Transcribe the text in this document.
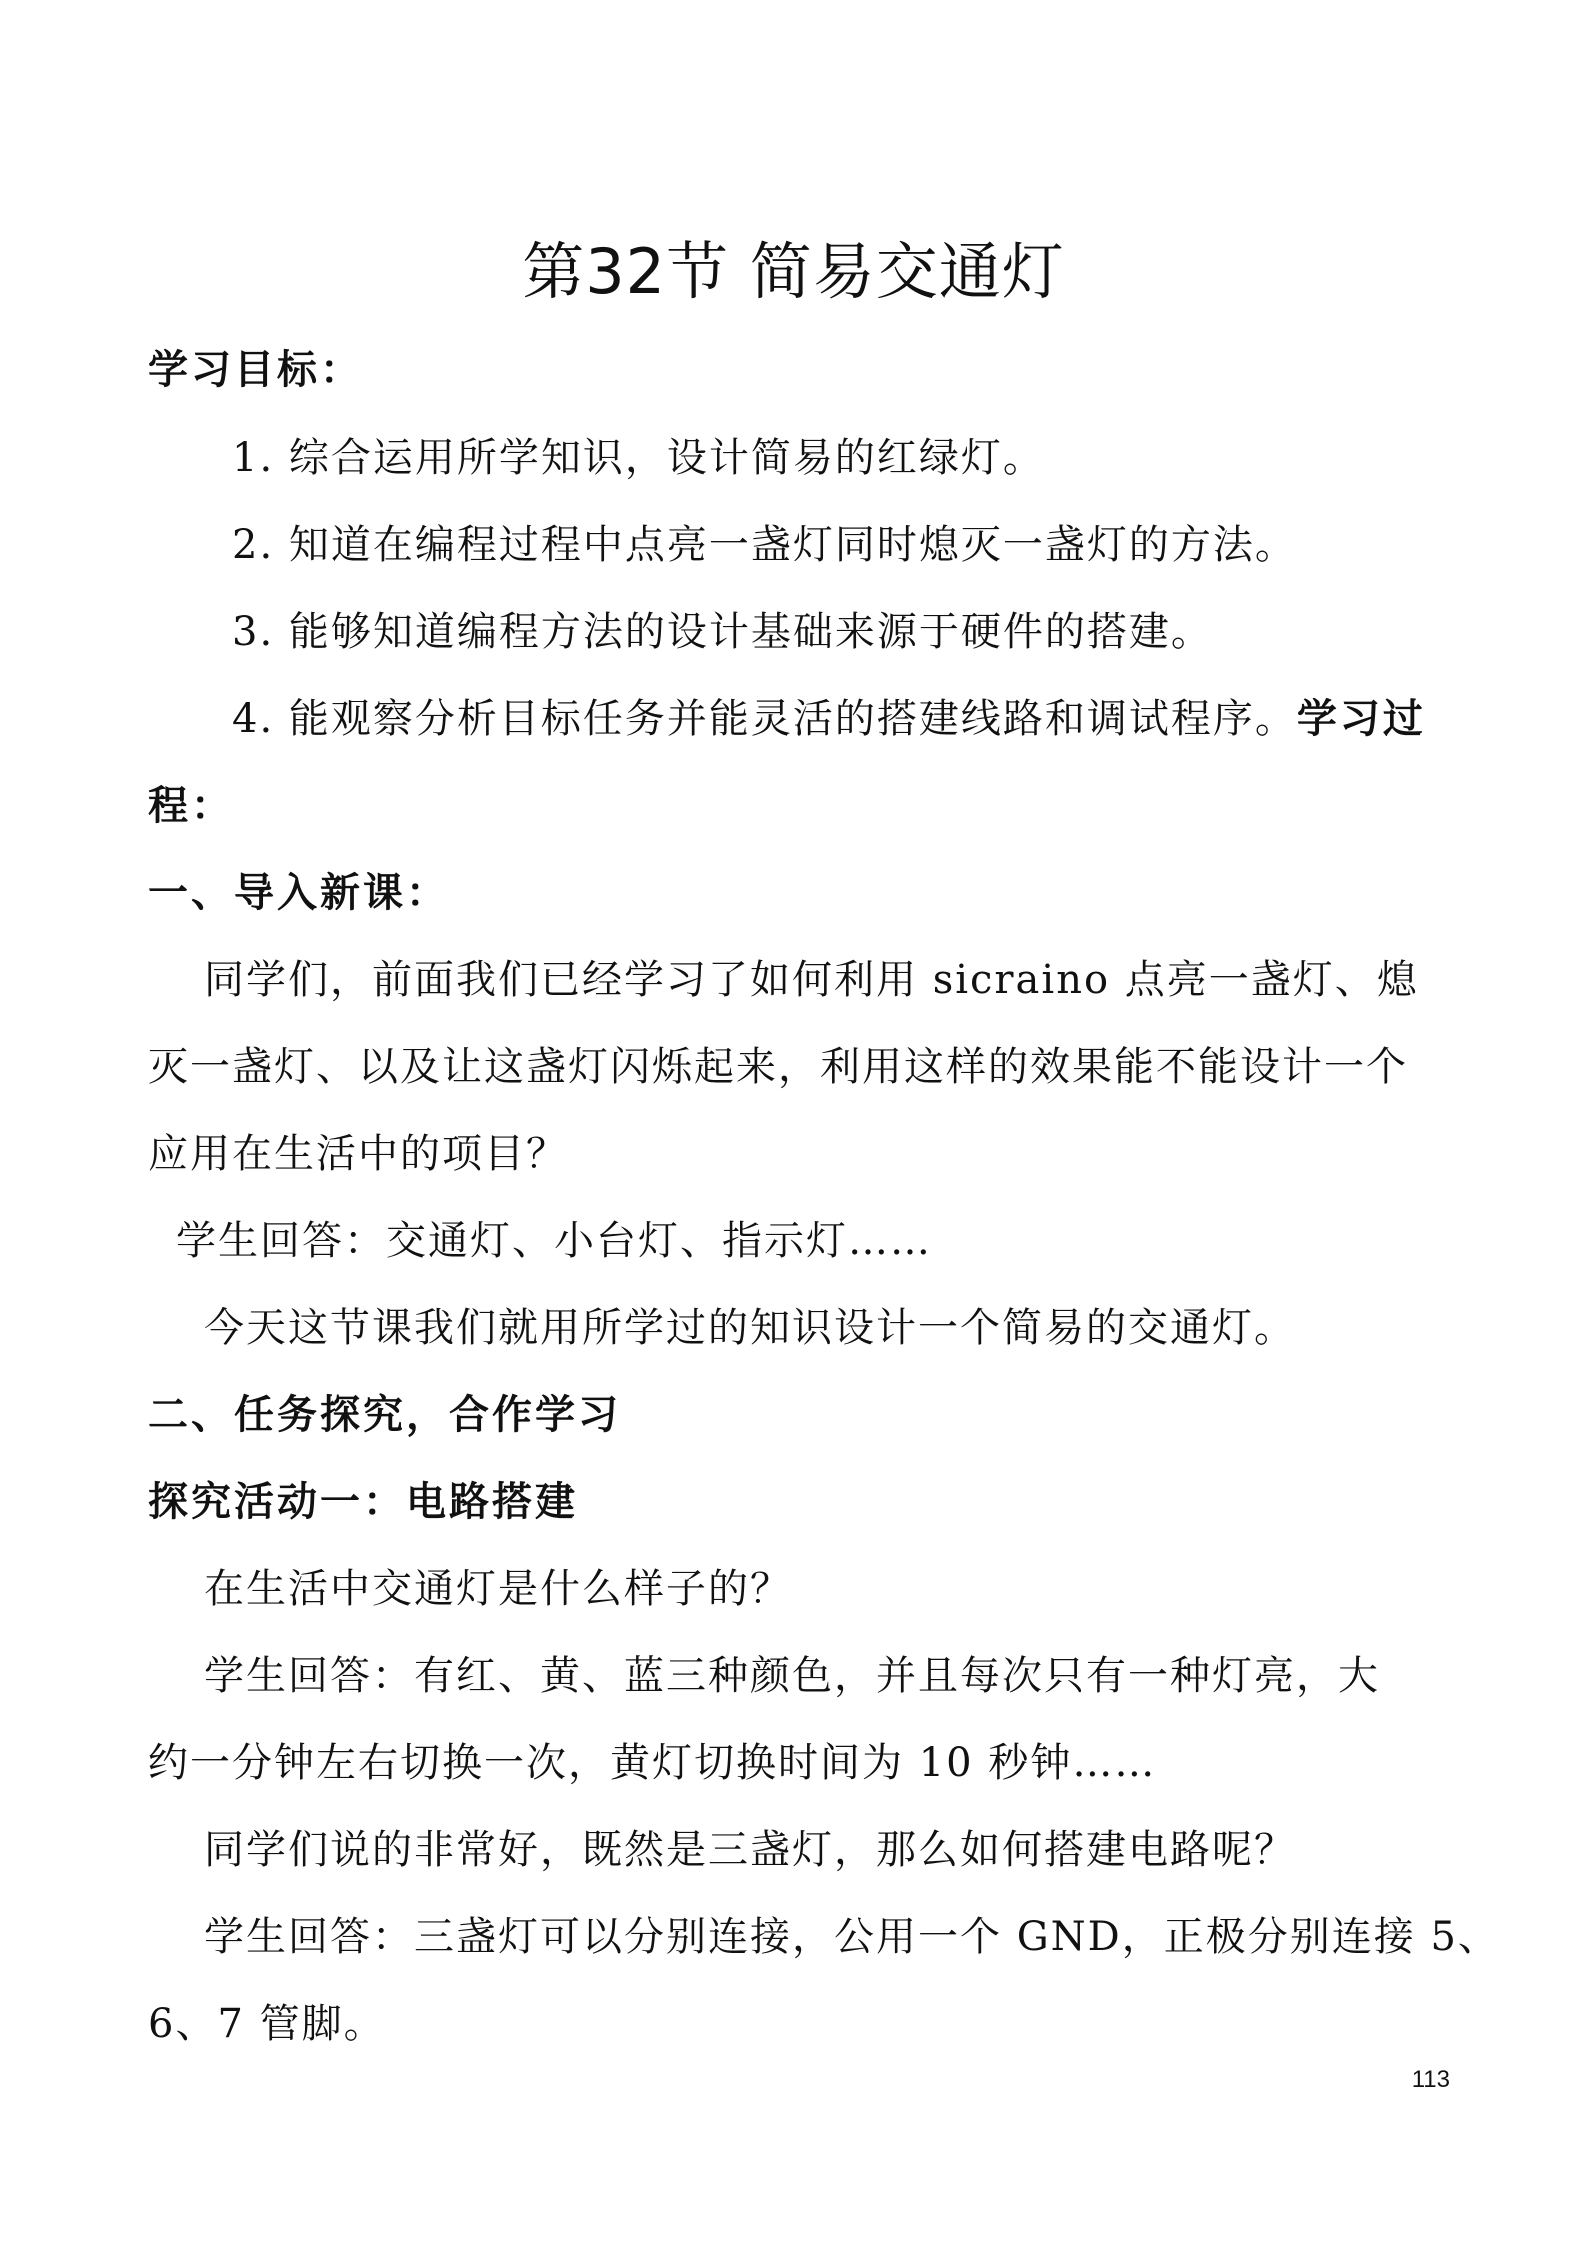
第32节 简易交通灯

学习目标：

1. 综合运用所学知识，设计简易的红绿灯。

2. 知道在编程过程中点亮一盏灯同时熄灭一盏灯的方法。

3. 能够知道编程方法的设计基础来源于硬件的搭建。

4. 能观察分析目标任务并能灵活的搭建线路和调试程序。学习过

程：

一、导入新课：

同学们，前面我们已经学习了如何利用 sicraino 点亮一盏灯、熄

灭一盏灯、以及让这盏灯闪烁起来，利用这样的效果能不能设计一个

应用在生活中的项目？

学生回答：交通灯、小台灯、指示灯……

今天这节课我们就用所学过的知识设计一个简易的交通灯。

二、任务探究，合作学习

探究活动一：电路搭建

在生活中交通灯是什么样子的？

学生回答：有红、黄、蓝三种颜色，并且每次只有一种灯亮，大

约一分钟左右切换一次，黄灯切换时间为 10 秒钟……

同学们说的非常好，既然是三盏灯，那么如何搭建电路呢？

学生回答：三盏灯可以分别连接，公用一个 GND，正极分别连接 5、

6、7 管脚。

113
